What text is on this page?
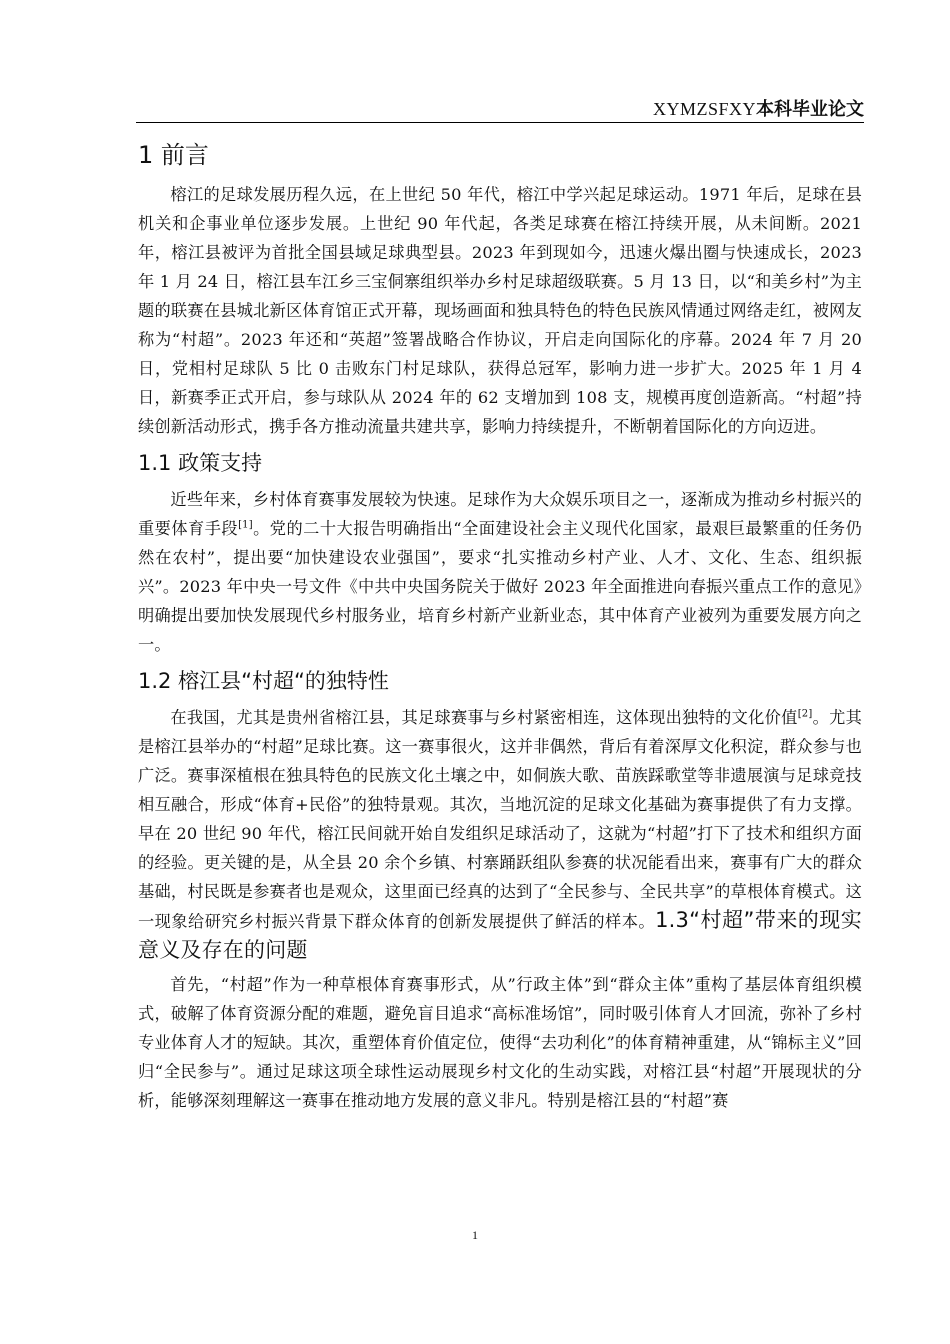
XYMZSFXY本科毕业论文
1 前言

榕江的足球发展历程久远，在上世纪 50 年代，榕江中学兴起足球运动。1971 年后，足球在县机关和企事业单位逐步发展。上世纪 90 年代起，各类足球赛在榕江持续开展，从未间断。2021 年，榕江县被评为首批全国县域足球典型县。2023 年到现如今，迅速火爆出圈与快速成长，2023 年 1 月 24 日，榕江县车江乡三宝侗寨组织举办乡村足球超级联赛。5 月 13 日，以“和美乡村”为主题的联赛在县城北新区体育馆正式开幕，现场画面和独具特色的特色民族风情通过网络走红，被网友称为“村超”。2023 年还和“英超”签署战略合作协议，开启走向国际化的序幕。2024 年 7 月 20 日，党相村足球队 5 比 0 击败东门村足球队，获得总冠军，影响力进一步扩大。2025 年 1 月 4 日，新赛季正式开启，参与球队从 2024 年的 62 支增加到 108 支，规模再度创造新高。“村超”持续创新活动形式，携手各方推动流量共建共享，影响力持续提升，不断朝着国际化的方向迈进。

1.1 政策支持

近些年来，乡村体育赛事发展较为快速。足球作为大众娱乐项目之一，逐渐成为推动乡村振兴的重要体育手段[1]。党的二十大报告明确指出“全面建设社会主义现代化国家，最艰巨最繁重的任务仍然在农村”，提出要“加快建设农业强国”，要求“扎实推动乡村产业、人才、文化、生态、组织振兴”。2023 年中央一号文件《中共中央国务院关于做好 2023 年全面推进向春振兴重点工作的意见》明确提出要加快发展现代乡村服务业，培育乡村新产业新业态，其中体育产业被列为重要发展方向之一。

1.2 榕江县“村超“的独特性

在我国，尤其是贵州省榕江县，其足球赛事与乡村紧密相连，这体现出独特的文化价值[2]。尤其是榕江县举办的“村超”足球比赛。这一赛事很火，这并非偶然，背后有着深厚文化积淀，群众参与也广泛。赛事深植根在独具特色的民族文化土壤之中，如侗族大歌、苗族踩歌堂等非遗展演与足球竞技相互融合，形成“体育+民俗”的独特景观。其次，当地沉淀的足球文化基础为赛事提供了有力支撑。早在 20 世纪 90 年代，榕江民间就开始自发组织足球活动了，这就为“村超”打下了技术和组织方面的经验。更关键的是，从全县 20 余个乡镇、村寨踊跃组队参赛的状况能看出来，赛事有广大的群众基础，村民既是参赛者也是观众，这里面已经真的达到了“全民参与、全民共享”的草根体育模式。这一现象给研究乡村振兴背景下群众体育的创新发展提供了鲜活的样本。1.3“村超”带来的现实意义及存在的问题

首先，“村超”作为一种草根体育赛事形式，从”行政主体”到“群众主体”重构了基层体育组织模式，破解了体育资源分配的难题，避免盲目追求“高标准场馆”，同时吸引体育人才回流，弥补了乡村专业体育人才的短缺。其次，重塑体育价值定位，使得“去功利化”的体育精神重建，从“锦标主义”回归“全民参与”。通过足球这项全球性运动展现乡村文化的生动实践，对榕江县“村超”开展现状的分析，能够深刻理解这一赛事在推动地方发展的意义非凡。特别是榕江县的“村超”赛

1
